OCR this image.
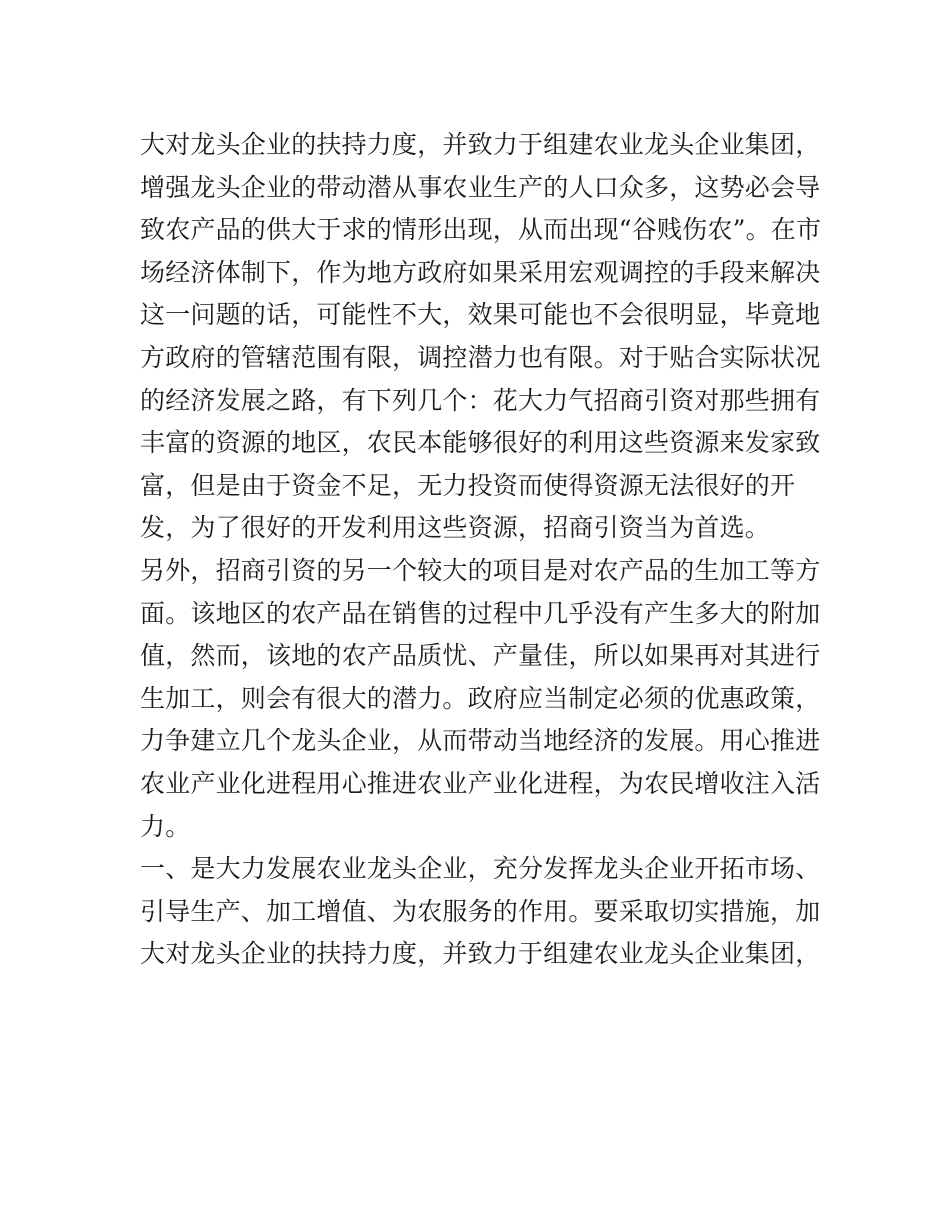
大对龙头企业的扶持力度，并致力于组建农业龙头企业集团，
增强龙头企业的带动潜从事农业生产的人口众多，这势必会导
致农产品的供大于求的情形出现，从而出现“谷贱伤农”。在市
场经济体制下，作为地方政府如果采用宏观调控的手段来解决
这一问题的话，可能性不大，效果可能也不会很明显，毕竟地
方政府的管辖范围有限，调控潜力也有限。对于贴合实际状况
的经济发展之路，有下列几个：花大力气招商引资对那些拥有
丰富的资源的地区，农民本能够很好的利用这些资源来发家致
富，但是由于资金不足，无力投资而使得资源无法很好的开
发，为了很好的开发利用这些资源，招商引资当为首选。
另外，招商引资的另一个较大的项目是对农产品的生加工等方
面。该地区的农产品在销售的过程中几乎没有产生多大的附加
值，然而，该地的农产品质忧、产量佳，所以如果再对其进行
生加工，则会有很大的潜力。政府应当制定必须的优惠政策，
力争建立几个龙头企业，从而带动当地经济的发展。用心推进
农业产业化进程用心推进农业产业化进程，为农民增收注入活
力。
一、是大力发展农业龙头企业，充分发挥龙头企业开拓市场、
引导生产、加工增值、为农服务的作用。要采取切实措施，加
大对龙头企业的扶持力度，并致力于组建农业龙头企业集团，
